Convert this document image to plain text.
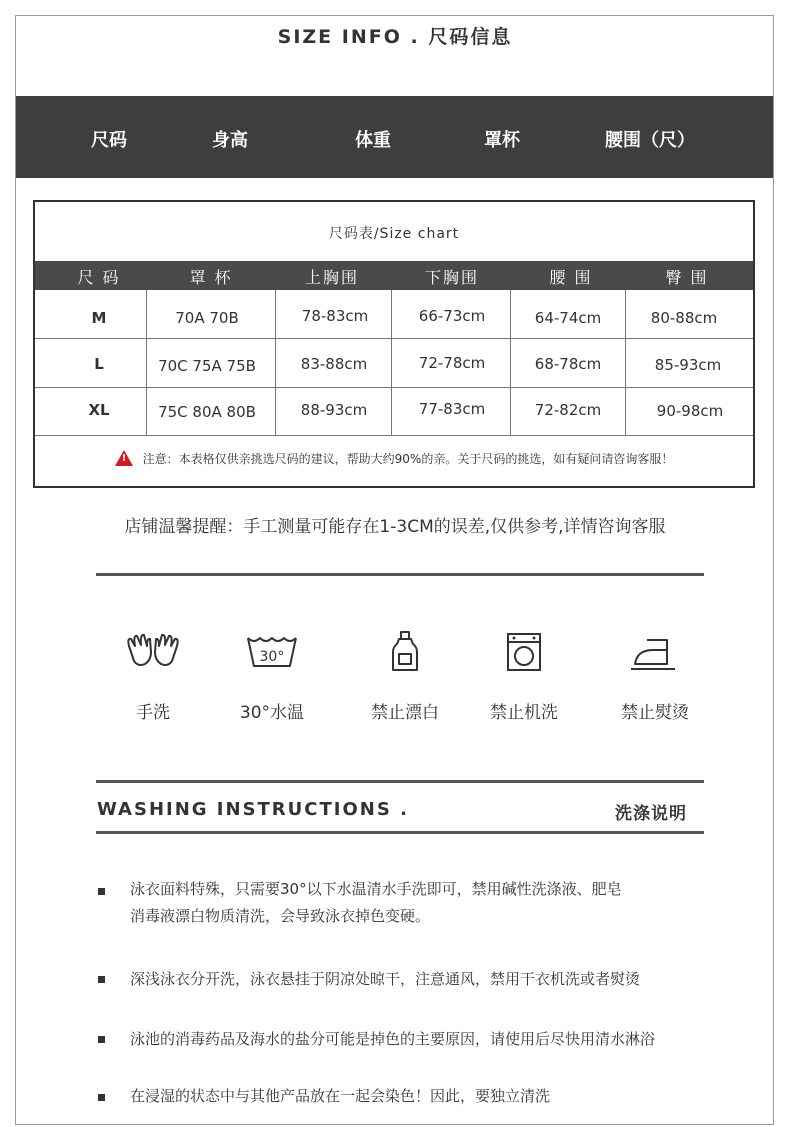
SIZE INFO . 尺码信息
尺码	身高	体重	罩杯	腰围（尺）
尺码表/Size chart
尺 码	罩 杯	上胸围	下胸围	腰 围	臀 围
M	70A 70B	78-83cm	66-73cm	64-74cm	80-88cm
L	70C 75A 75B	83-88cm	72-78cm	68-78cm	85-93cm
XL	75C 80A 80B	88-93cm	77-83cm	72-82cm	90-98cm
!注意：本表格仅供亲挑选尺码的建议，帮助大约90%的亲。关于尺码的挑选，如有疑问请咨询客服！
店铺温馨提醒：手工测量可能存在1-3CM的误差,仅供参考,详情咨询客服
手洗
30°
30°水温	禁止漂白	禁止机洗	禁止熨烫
WASHING INSTRUCTIONS .	洗涤说明
泳衣面料特殊，只需要30°以下水温清水手洗即可，禁用碱性洗涤液、肥皂
消毒液漂白物质清洗，会导致泳衣掉色变硬。
深浅泳衣分开洗，泳衣悬挂于阴凉处晾干，注意通风，禁用干衣机洗或者熨烫
泳池的消毒药品及海水的盐分可能是掉色的主要原因，请使用后尽快用清水淋浴
在浸湿的状态中与其他产品放在一起会染色！因此，要独立清洗
